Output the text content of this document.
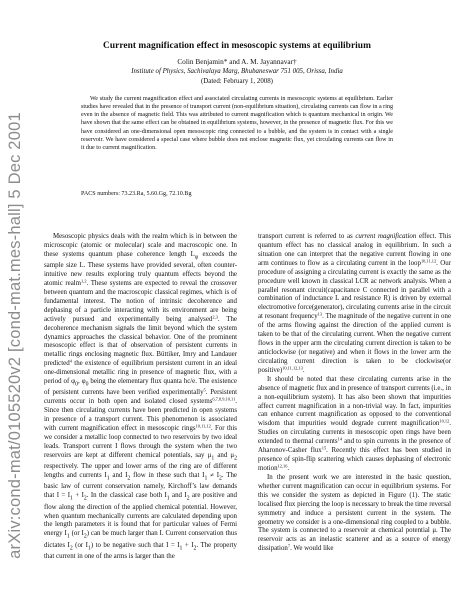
arXiv:cond-mat/0105520v2 [cond-mat.mes-hall] 5 Dec 2001
Current magnification effect in mesoscopic systems at equilibrium
Colin Benjamin* and A. M. Jayannavar†
Institute of Physics, Sachivalaya Marg, Bhubaneswar 751 005, Orissa, India
(Dated: February 1, 2008)
We study the current magnification effect and associated circulating currents in mesoscopic systems at equilibrium. Earlier studies have revealed that in the presence of transport current (non-equilibrium situation), circulating currents can flow in a ring even in the absence of magnetic field. This was attributed to current magnification which is quantum mechanical in origin. We have shown that the same effect can be obtained in equilibrium systems, however, in the presence of magnetic flux. For this we have considered an one-dimensional open mesoscopic ring connected to a bubble, and the system is in contact with a single reservoir. We have considered a special case where bubble does not enclose magnetic flux, yet circulating currents can flow in it due to current magnification.
PACS numbers: 73.23.Ra, 5.60.Gg, 72.10.Bg

Mesoscopic physics deals with the realm which is in between the microscopic (atomic or molecular) scale and macroscopic one. In these systems quantum phase coherence length $L_\varphi$ exceeds the sample size L. These systems have provided several, often counter-intuitive new results exploring truly quantum effects beyond the atomic realm$^{1,2}$. These systems are expected to reveal the crossover between quantum and the macroscopic classical regimes, which is of fundamental interest. The notion of intrinsic decoherence and dephasing of a particle interacting with its environment are being actively pursued and experimentally being analysed$^{2,3}$. The decoherence mechanism signals the limit beyond which the system dynamics approaches the classical behavior. One of the prominent mesoscopic effect is that of observation of persistent currents in metallic rings enclosing magnetic flux. Büttiker, Imry and Landauer predicted$^4$ the existence of equilibrium persistent current in an ideal one-dimensional metallic ring in presence of magnetic flux, with a period of $\varphi_0$, $\varphi_0$ being the elementary flux quanta hc/e. The existence of persistent currents have been verified experimentally$^5$. Persistent currents occur in both open and isolated closed systems$^{6,7,8,9,10,11}$. Since then circulating currents have been predicted in open systems in presence of a transport current. This phenomenon is associated with current magnification effect in mesoscopic rings$^{10,11,12}$. For this we consider a metallic loop connected to two reservoirs by two ideal leads. Transport current I flows through the system when the two reservoirs are kept at different chemical potentials, say $\mu_1$ and $\mu_2$ respectively. The upper and lower arms of the ring are of different lengths and currents $I_1$ and $I_2$ flow in these such that $I_1 \ne I_2$. The basic law of current conservation namely, Kirchoff’s law demands that $I = I_1 + I_2$. In the classical case both $I_1$ and $I_2$ are positive and flow along the direction of the applied chemical potential. However, when quantum mechanically currents are calculated depending upon the length parameters it is found that for particular values of Fermi energy $I_1$ (or $I_2$) can be much larger than I. Current conservation thus dictates $I_2$ (or $I_1$) to be negative such that $I = I_1 + I_2$. The property that current in one of the arms is larger than the

transport current is referred to as current magnification effect. This quantum effect has no classical analog in equilibrium. In such a situation one can interpret that the negative current flowing in one arm continues to flow as a circulating current in the loop$^{10,11,12}$. Our procedure of assigning a circulating current is exactly the same as the procedure well known in classical LCR ac network analysis. When a parallel resonant circuit(capacitance C connected in parallel with a combination of inductance L and resistance R) is driven by external electromotive force(generator), circulating currents arise in the circuit at resonant frequency$^{13}$. The magnitude of the negative current in one of the arms flowing against the direction of the applied current is taken to be that of the circulating current. When the negative current flows in the upper arm the circulating current direction is taken to be anticlockwise (or negative) and when it flows in the lower arm the circulating current direction is taken to be clockwise(or positive)$^{10,11,12,13}$.

It should be noted that these circulating currents arise in the absence of magnetic flux and in presence of transport currents (i.e., in a non-equilibrium system). It has also been shown that impurities affect current magnification in a non-trivial way. In fact, impurities can enhance current magnification as opposed to the conventional wisdom that impurities would degrade current magnification$^{10,12}$. Studies on circulating currents in mesoscopic open rings have been extended to thermal currents$^{14}$ and to spin currents in the presence of Aharonov-Casher flux$^{15}$. Recently this effect has been studied in presence of spin-flip scattering which causes dephasing of electronic motion$^{12,16}$.

In the present work we are interested in the basic question, whether current magnification can occur in equilibrium systems. For this we consider the system as depicted in Figure (1). The static localised flux piercing the loop is necessary to break the time reversal symmetry and induce a persistent current in the system. The geometry we consider is a one-dimensional ring coupled to a bubble. The system is connected to a reservoir at chemical potential μ. The reservoir acts as an inelastic scatterer and as a source of energy dissipation$^7$. We would like
